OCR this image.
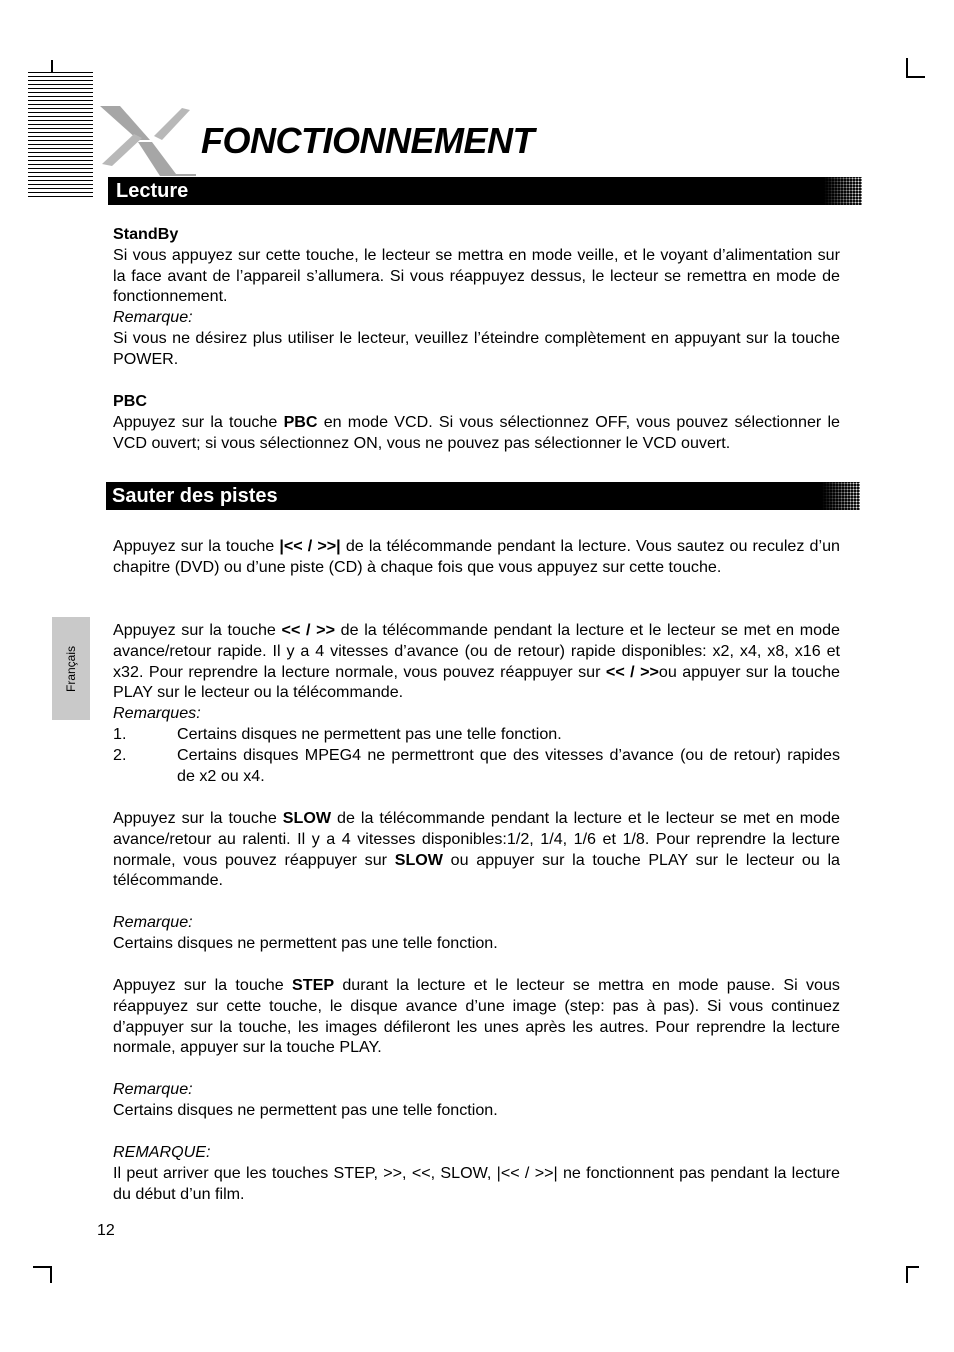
FONCTIONNEMENT
Lecture

StandBy

Si vous appuyez sur cette touche, le lecteur se mettra en mode veille, et le voyant d’alimentation sur la face avant de l’appareil s’allumera. Si vous réappuyez dessus, le lecteur se remettra en mode de fonctionnement.

Remarque:

Si vous ne désirez plus utiliser le lecteur, veuillez l’éteindre complètement en appuyant sur la touche POWER.

PBC

Appuyez sur la touche PBC en mode VCD. Si vous sélectionnez OFF, vous pouvez sélectionner le VCD ouvert; si vous sélectionnez ON, vous ne pouvez pas sélectionner le VCD ouvert.

Sauter des pistes

Appuyez sur la touche |<< / >>| de la télécommande pendant la lecture. Vous sautez ou reculez d’un chapitre (DVD) ou d’une piste (CD) à chaque fois que vous appuyez sur cette touche.

Appuyez sur la touche << / >> de la télécommande pendant la lecture et le lecteur se met en mode avance/retour rapide. Il y a 4 vitesses d’avance (ou de retour) rapide disponibles: x2, x4, x8, x16 et x32. Pour reprendre la lecture normale, vous pouvez réappuyer sur << / >>ou appuyer sur la touche PLAY sur le lecteur ou la télécommande.

Remarques:

1.	Certains disques ne permettent pas une telle fonction.
2.	Certains disques MPEG4 ne permettront que des vitesses d’avance (ou de retour) rapides de x2 ou x4.

Appuyez sur la touche SLOW de la télécommande pendant la lecture et le lecteur se met en mode avance/retour au ralenti. Il y a 4 vitesses disponibles:1/2, 1/4, 1/6 et 1/8. Pour reprendre la lecture normale, vous pouvez réappuyer sur SLOW ou appuyer sur la touche PLAY sur le lecteur ou la télécommande.

Remarque:

Certains disques ne permettent pas une telle fonction.

Appuyez sur la touche STEP durant la lecture et le lecteur se mettra en mode pause. Si vous réappuyez sur cette touche, le disque avance d’une image (step: pas à pas). Si vous continuez d’appuyer sur la touche, les images défileront les unes après les autres. Pour reprendre la lecture normale, appuyer sur la touche PLAY.

Remarque:

Certains disques ne permettent pas une telle fonction.

REMARQUE:

Il peut arriver que les touches STEP, >>, <<, SLOW, |<< / >>| ne fonctionnent pas pendant la lecture du début d’un film.

Français
12
